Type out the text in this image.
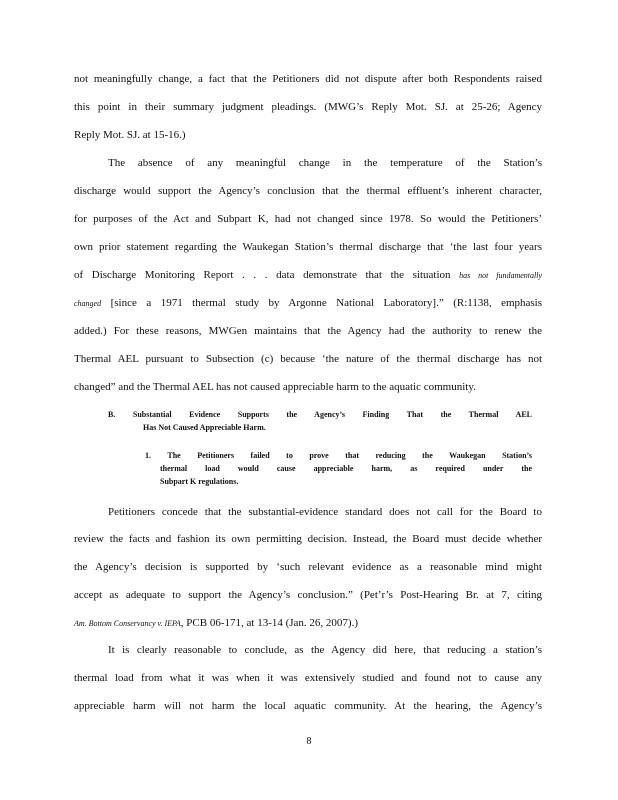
not meaningfully change, a fact that the Petitioners did not dispute after both Respondents raised
this point in their summary judgment pleadings. (MWG’s Reply Mot. SJ. at 25-26; Agency
Reply Mot. SJ. at 15-16.)
The absence of any meaningful change in the temperature of the Station’s
discharge would support the Agency’s conclusion that the thermal effluent’s inherent character,
for purposes of the Act and Subpart K, had not changed since 1978. So would the Petitioners’
own prior statement regarding the Waukegan Station’s thermal discharge that ‘the last four years
of Discharge Monitoring Report . . . data demonstrate that the situation has not fundamentally
changed [since a 1971 thermal study by Argonne National Laboratory].” (R:1138, emphasis
added.) For these reasons, MWGen maintains that the Agency had the authority to renew the
Thermal AEL pursuant to Subsection (c) because ‘the nature of the thermal discharge has not
changed” and the Thermal AEL has not caused appreciable harm to the aquatic community.
B. Substantial Evidence Supports the Agency’s Finding That the Thermal AEL
Has Not Caused Appreciable Harm.
1. The Petitioners failed to prove that reducing the Waukegan Station’s
thermal load would cause appreciable harm, as required under the
Subpart K regulations.
Petitioners concede that the substantial-evidence standard does not call for the Board to
review the facts and fashion its own permitting decision. Instead, the Board must decide whether
the Agency’s decision is supported by ‘such relevant evidence as a reasonable mind might
accept as adequate to support the Agency’s conclusion.” (Pet’r’s Post-Hearing Br. at 7, citing
Am. Bottom Conservancy v. IEPA, PCB 06-171, at 13-14 (Jan. 26, 2007).)
It is clearly reasonable to conclude, as the Agency did here, that reducing a station’s
thermal load from what it was when it was extensively studied and found not to cause any
appreciable harm will not harm the local aquatic community. At the hearing, the Agency’s
8
